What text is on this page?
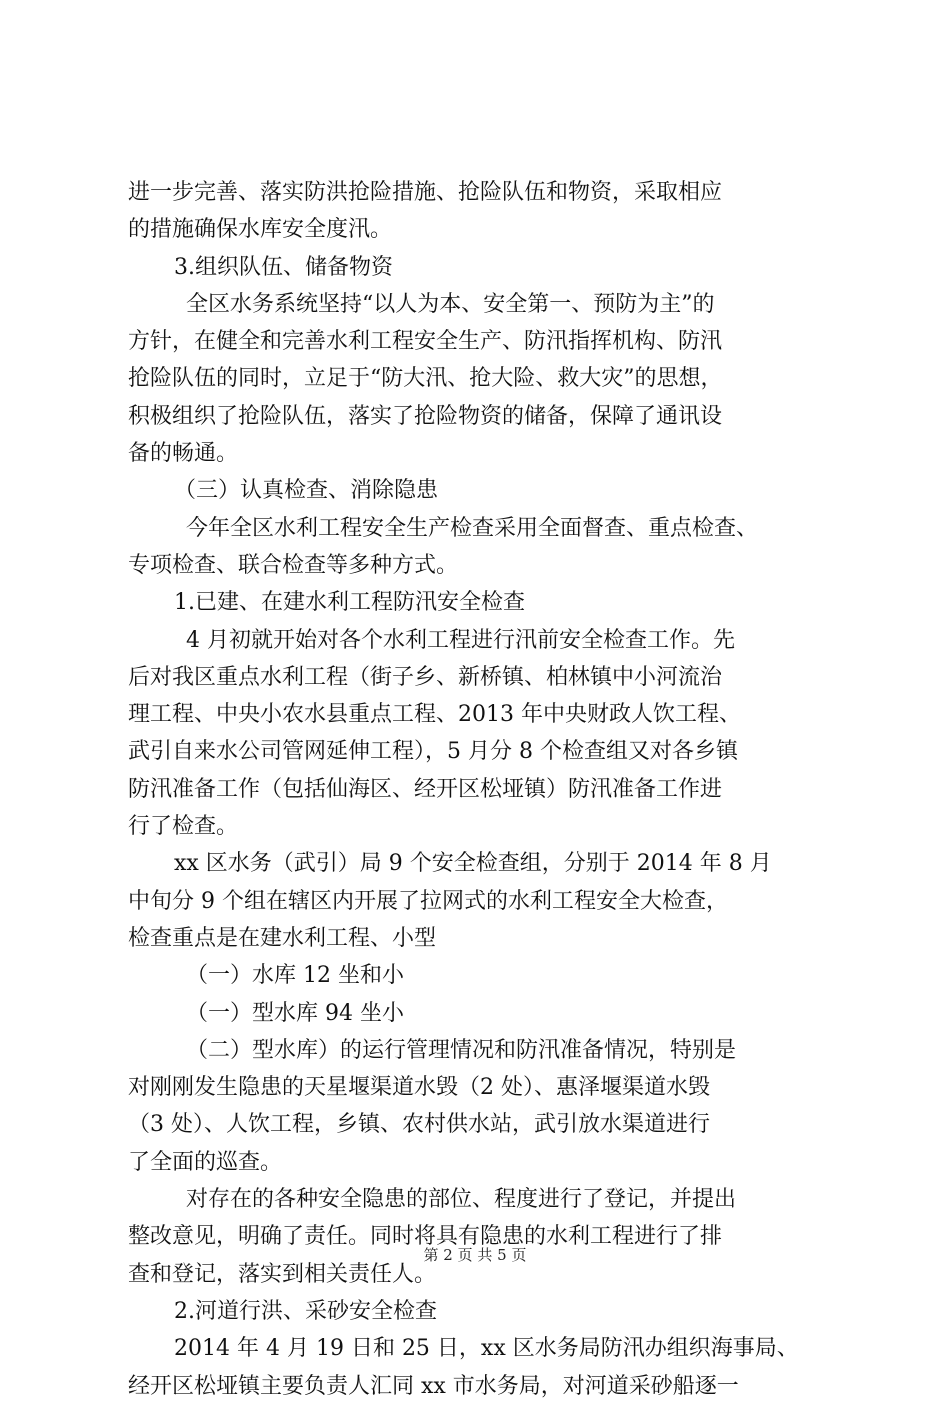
进一步完善、落实防洪抢险措施、抢险队伍和物资，采取相应
的措施确保水库安全度汛。
3.组织队伍、储备物资
全区水务系统坚持“以人为本、安全第一、预防为主”的
方针，在健全和完善水利工程安全生产、防汛指挥机构、防汛
抢险队伍的同时，立足于“防大汛、抢大险、救大灾”的思想，
积极组织了抢险队伍，落实了抢险物资的储备，保障了通讯设
备的畅通。
（三）认真检查、消除隐患
今年全区水利工程安全生产检查采用全面督查、重点检查、
专项检查、联合检查等多种方式。
1.已建、在建水利工程防汛安全检查
4 月初就开始对各个水利工程进行汛前安全检查工作。先
后对我区重点水利工程（街子乡、新桥镇、柏林镇中小河流治
理工程、中央小农水县重点工程、2013 年中央财政人饮工程、
武引自来水公司管网延伸工程），5 月分 8 个检查组又对各乡镇
防汛准备工作（包括仙海区、经开区松垭镇）防汛准备工作进
行了检查。
xx 区水务（武引）局 9 个安全检查组，分别于 2014 年 8 月
中旬分 9 个组在辖区内开展了拉网式的水利工程安全大检查，
检查重点是在建水利工程、小型
（一）水库 12 坐和小
（一）型水库 94 坐小
（二）型水库）的运行管理情况和防汛准备情况，特别是
对刚刚发生隐患的天星堰渠道水毁（2 处）、惠泽堰渠道水毁
（3 处）、人饮工程，乡镇、农村供水站，武引放水渠道进行
了全面的巡查。
对存在的各种安全隐患的部位、程度进行了登记，并提出
整改意见，明确了责任。同时将具有隐患的水利工程进行了排
查和登记，落实到相关责任人。
2.河道行洪、采砂安全检查
2014 年 4 月 19 日和 25 日，xx 区水务局防汛办组织海事局、
经开区松垭镇主要负责人汇同 xx 市水务局，对河道采砂船逐一
第 2 页 共 5 页
